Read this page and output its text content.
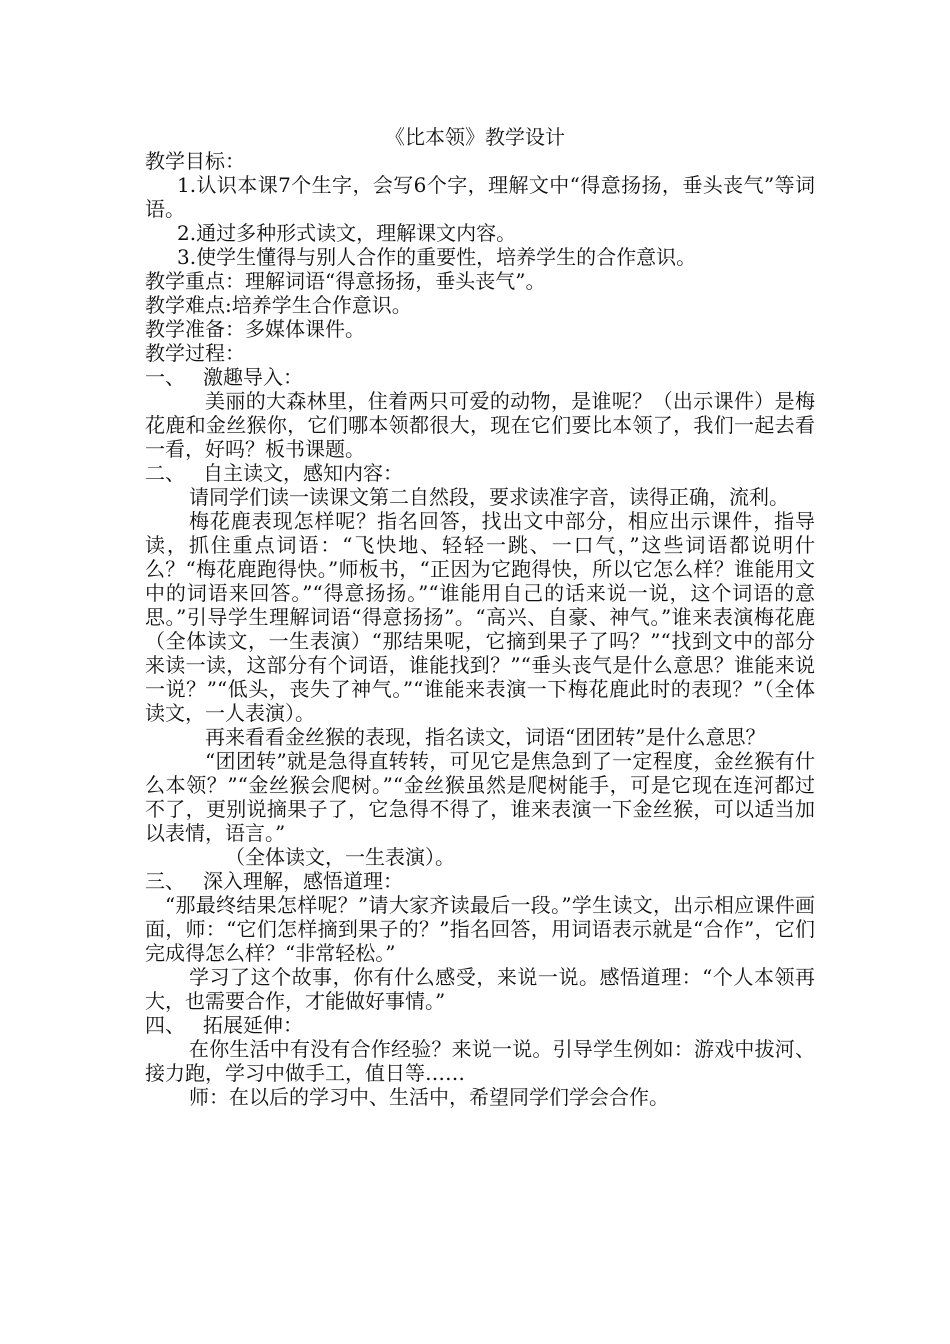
《比本领》教学设计

教学目标：

1.认识本课7个生字，会写6个字，理解文中“得意扬扬，垂头丧气”等词语。

2.通过多种形式读文，理解课文内容。

3.使学生懂得与别人合作的重要性，培养学生的合作意识。

教学重点：理解词语“得意扬扬，垂头丧气”。

教学难点:培养学生合作意识。

教学准备：多媒体课件。

教学过程：

一、 激趣导入：

美丽的大森林里，住着两只可爱的动物，是谁呢？（出示课件）是梅花鹿和金丝猴你，它们哪本领都很大，现在它们要比本领了，我们一起去看一看，好吗？板书课题。

二、 自主读文，感知内容：

请同学们读一读课文第二自然段，要求读准字音，读得正确，流利。

梅花鹿表现怎样呢？指名回答，找出文中部分，相应出示课件，指导读，抓住重点词语：“飞快地、轻轻一跳、一口气，”这些词语都说明什么？“梅花鹿跑得快。”师板书，“正因为它跑得快，所以它怎么样？谁能用文中的词语来回答。”“得意扬扬。”“谁能用自己的话来说一说，这个词语的意思。”引导学生理解词语“得意扬扬”。“高兴、自豪、神气。”谁来表演梅花鹿（全体读文，一生表演）“那结果呢，它摘到果子了吗？”“找到文中的部分来读一读，这部分有个词语，谁能找到？”“垂头丧气是什么意思？谁能来说一说？”“低头，丧失了神气。”“谁能来表演一下梅花鹿此时的表现？”（全体读文，一人表演）。

再来看看金丝猴的表现，指名读文，词语“团团转”是什么意思？

“团团转”就是急得直转转，可见它是焦急到了一定程度，金丝猴有什么本领？”“金丝猴会爬树。”“金丝猴虽然是爬树能手，可是它现在连河都过不了，更别说摘果子了，它急得不得了，谁来表演一下金丝猴，可以适当加以表情，语言。”

（全体读文，一生表演）。

三、 深入理解，感悟道理：

“那最终结果怎样呢？”请大家齐读最后一段。”学生读文，出示相应课件画面，师：“它们怎样摘到果子的？”指名回答，用词语表示就是“合作”，它们完成得怎么样？“非常轻松。”

学习了这个故事，你有什么感受，来说一说。感悟道理：“个人本领再大，也需要合作，才能做好事情。”

四、 拓展延伸：

在你生活中有没有合作经验？来说一说。引导学生例如：游戏中拔河、接力跑，学习中做手工，值日等……

师：在以后的学习中、生活中，希望同学们学会合作。
